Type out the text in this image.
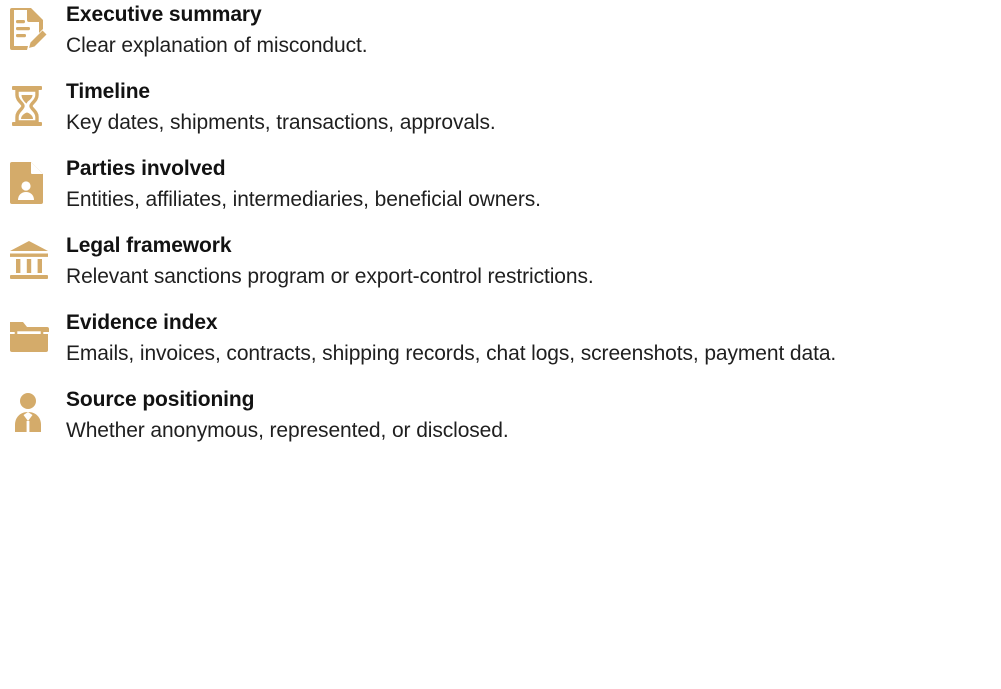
Executive summary

Clear explanation of misconduct.

Timeline

Key dates, shipments, transactions, approvals.

Parties involved

Entities, affiliates, intermediaries, beneficial owners.

Legal framework

Relevant sanctions program or export-control restrictions.

Evidence index

Emails, invoices, contracts, shipping records, chat logs, screenshots, payment data.

Source positioning

Whether anonymous, represented, or disclosed.
